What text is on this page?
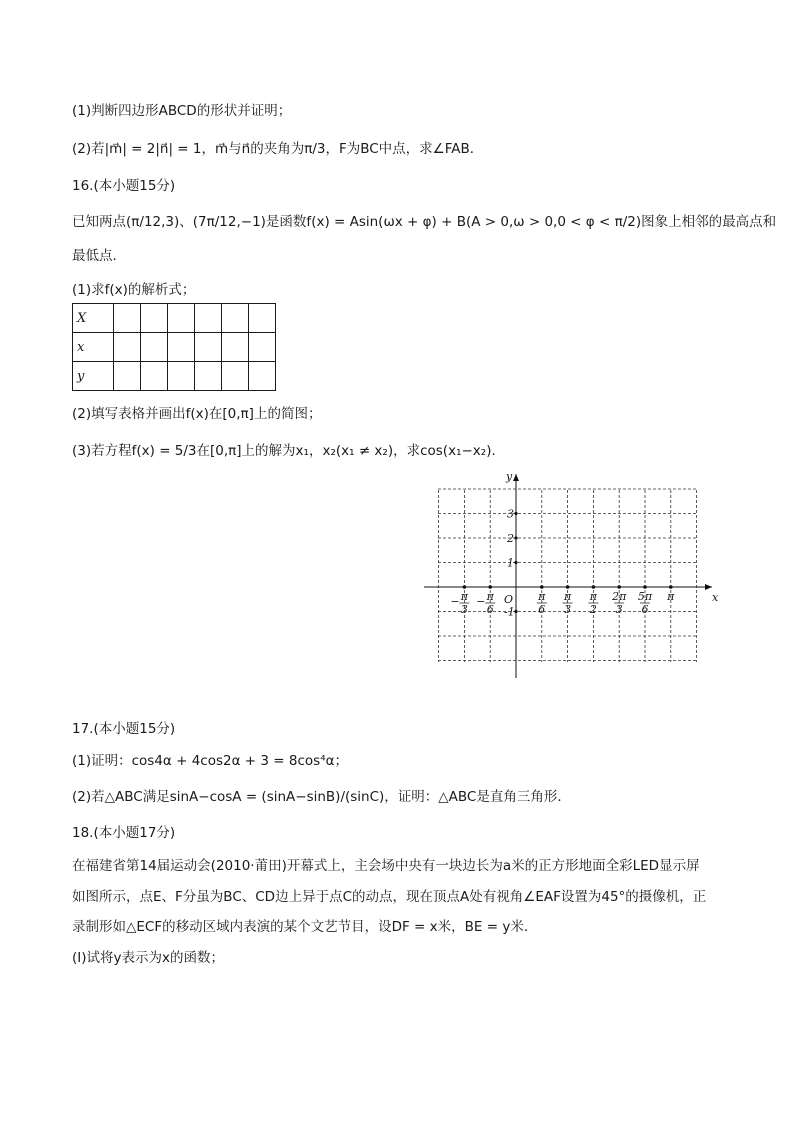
(1)判断四边形ABCD的形状并证明；
(2)若|m⃗| = 2|n⃗| = 1，m⃗与n⃗的夹角为π/3，F为BC中点，求∠FAB．
16.(本小题15分)
已知两点(π/12,3)、(7π/12,−1)是函数f(x) = Asin(ωx + φ) + B(A > 0,ω > 0,0 < φ < π/2)图象上相邻的最高点和
最低点．
(1)求f(x)的解析式；
X						
x						
y						
(2)填写表格并画出f(x)在[0,π]上的简图；
(3)若方程f(x) = 5/3在[0,π]上的解为x₁，x₂(x₁ ≠ x₂)，求cos(x₁−x₂)．
y
x
O
3
2
1
-1
− π
3
− π
6
π
6
π
3
π
2
2π
3
5π
6
π
17.(本小题15分)
(1)证明：cos4α + 4cos2α + 3 = 8cos⁴α；
(2)若△ABC满足sinA−cosA = (sinA−sinB)/(sinC)，证明：△ABC是直角三角形．
18.(本小题17分)
在福建省第14届运动会(2010·莆田)开幕式上，主会场中央有一块边长为a米的正方形地面全彩LED显示屏
如图所示，点E、F分虽为BC、CD边上异于点C的动点，现在顶点A处有视角∠EAF设置为45°的摄像机，正
录制形如△ECF的移动区域内表演的某个文艺节目，设DF = x米，BE = y米．
(Ⅰ)试将y表示为x的函数；
